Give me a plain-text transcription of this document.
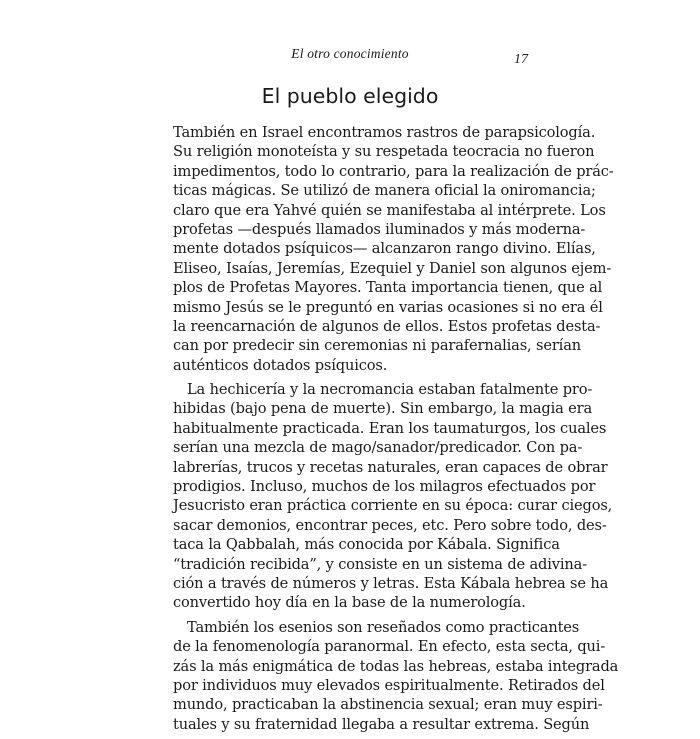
El otro conocimiento	17
El pueblo elegido
También en Israel encontramos rastros de parapsicología.
Su religión monoteísta y su respetada teocracia no fueron
impedimentos, todo lo contrario, para la realización de prác-
ticas mágicas. Se utilizó de manera oficial la oniromancia;
claro que era Yahvé quién se manifestaba al intérprete. Los
profetas —después llamados iluminados y más moderna-
mente dotados psíquicos— alcanzaron rango divino. Elías,
Eliseo, Isaías, Jeremías, Ezequiel y Daniel son algunos ejem-
plos de Profetas Mayores. Tanta importancia tienen, que al
mismo Jesús se le preguntó en varias ocasiones si no era él
la reencarnación de algunos de ellos. Estos profetas desta-
can por predecir sin ceremonias ni parafernalias, serían
auténticos dotados psíquicos.
La hechicería y la necromancia estaban fatalmente pro-
hibidas (bajo pena de muerte). Sin embargo, la magia era
habitualmente practicada. Eran los taumaturgos, los cuales
serían una mezcla de mago/sanador/predicador. Con pa-
labrerías, trucos y recetas naturales, eran capaces de obrar
prodigios. Incluso, muchos de los milagros efectuados por
Jesucristo eran práctica corriente en su época: curar ciegos,
sacar demonios, encontrar peces, etc. Pero sobre todo, des-
taca la Qabbalah, más conocida por Kábala. Significa
“tradición recibida”, y consiste en un sistema de adivina-
ción a través de números y letras. Esta Kábala hebrea se ha
convertido hoy día en la base de la numerología.
También los esenios son reseñados como practicantes
de la fenomenología paranormal. En efecto, esta secta, qui-
zás la más enigmática de todas las hebreas, estaba integrada
por individuos muy elevados espiritualmente. Retirados del
mundo, practicaban la abstinencia sexual; eran muy espiri-
tuales y su fraternidad llegaba a resultar extrema. Según
